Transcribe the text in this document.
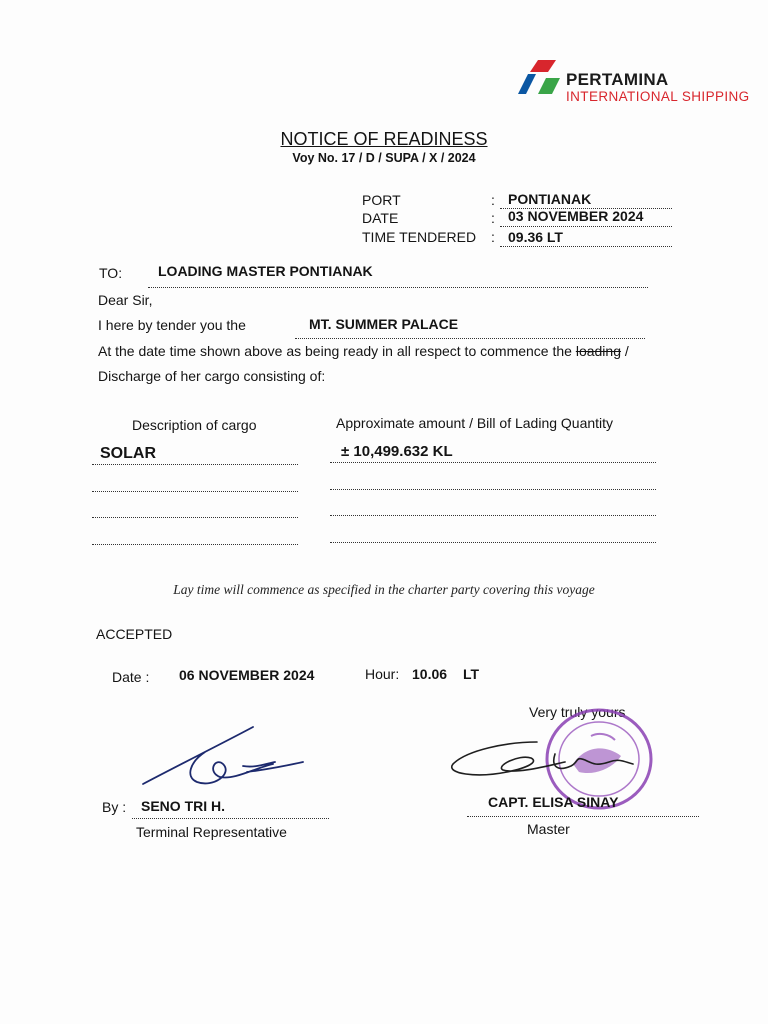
PERTAMINA
INTERNATIONAL SHIPPING
NOTICE OF READINESS
Voy No. 17 / D / SUPA / X / 2024
PORT	: PONTIANAK
DATE	: 03 NOVEMBER 2024
TIME TENDERED : 09.36 LT
TO:	LOADING MASTER PONTIANAK
Dear Sir,
I here by tender you the	MT. SUMMER PALACE
At the date time shown above as being ready in all respect to commence the loading /
Discharge of her cargo consisting of:
Description of cargo	Approximate amount / Bill of Lading Quantity
SOLAR	± 10,499.632 KL
Lay time will commence as specified in the charter party covering this voyage
ACCEPTED
Date : 06 NOVEMBER 2024	Hour: 10.06 LT
By : SENO TRI H.
Terminal Representative
Very truly yours
CAPT. ELISA SINAY
Master
